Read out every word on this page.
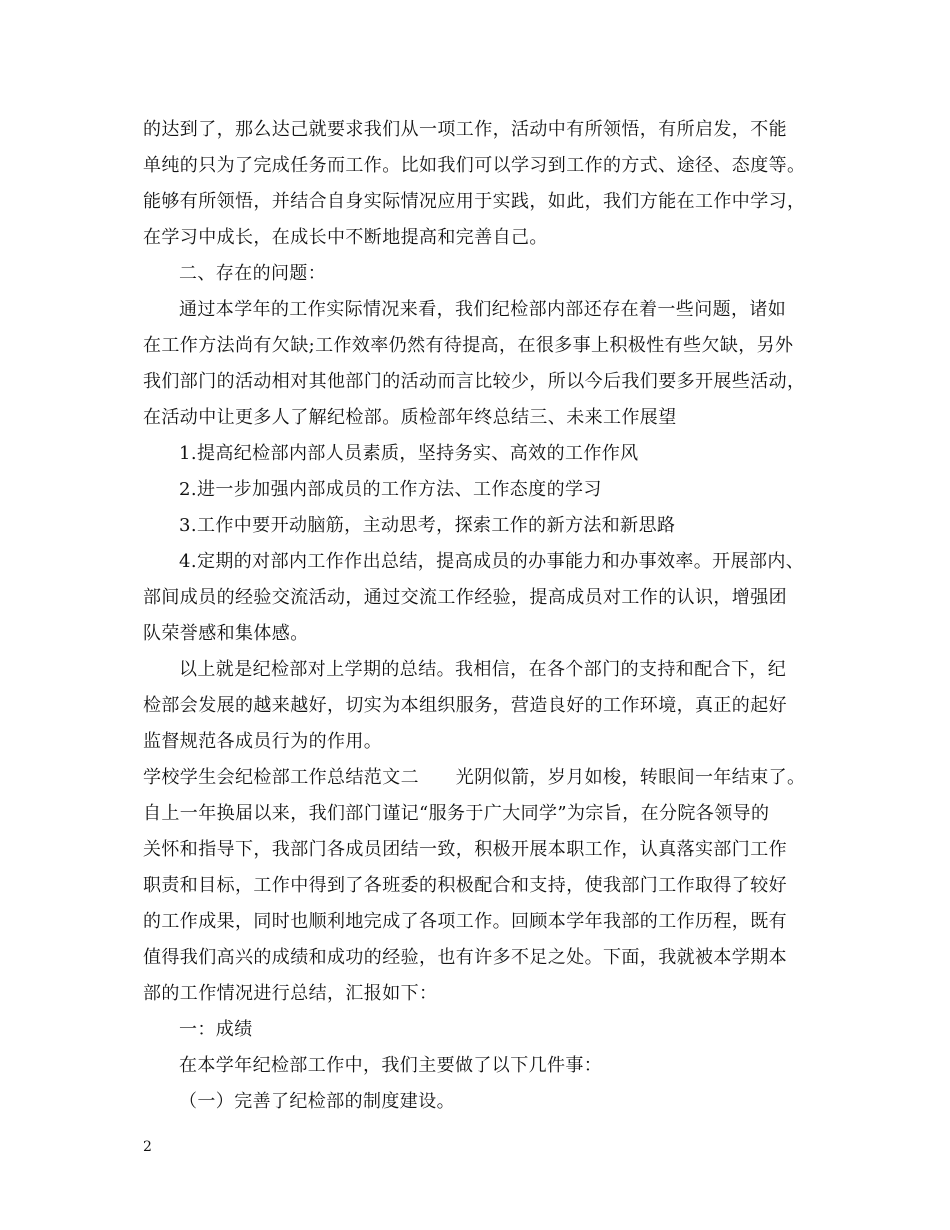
的达到了，那么达己就要求我们从一项工作，活动中有所领悟，有所启发，不能
单纯的只为了完成任务而工作。比如我们可以学习到工作的方式、途径、态度等。
能够有所领悟，并结合自身实际情况应用于实践，如此，我们方能在工作中学习，
在学习中成长，在成长中不断地提高和完善自己。
二、存在的问题：
通过本学年的工作实际情况来看，我们纪检部内部还存在着一些问题，诸如
在工作方法尚有欠缺;工作效率仍然有待提高，在很多事上积极性有些欠缺，另外
我们部门的活动相对其他部门的活动而言比较少，所以今后我们要多开展些活动，
在活动中让更多人了解纪检部。质检部年终总结三、未来工作展望
1.提高纪检部内部人员素质，坚持务实、高效的工作作风
2.进一步加强内部成员的工作方法、工作态度的学习
3.工作中要开动脑筋，主动思考，探索工作的新方法和新思路
4.定期的对部内工作作出总结，提高成员的办事能力和办事效率。开展部内、
部间成员的经验交流活动，通过交流工作经验，提高成员对工作的认识，增强团
队荣誉感和集体感。
以上就是纪检部对上学期的总结。我相信，在各个部门的支持和配合下，纪
检部会发展的越来越好，切实为本组织服务，营造良好的工作环境，真正的起好
监督规范各成员行为的作用。
学校学生会纪检部工作总结范文二　　光阴似箭，岁月如梭，转眼间一年结束了。
自上一年换届以来，我们部门谨记“服务于广大同学”为宗旨，在分院各领导的
关怀和指导下，我部门各成员团结一致，积极开展本职工作，认真落实部门工作
职责和目标，工作中得到了各班委的积极配合和支持，使我部门工作取得了较好
的工作成果，同时也顺利地完成了各项工作。回顾本学年我部的工作历程，既有
值得我们高兴的成绩和成功的经验，也有许多不足之处。下面，我就被本学期本
部的工作情况进行总结，汇报如下：
一：成绩
在本学年纪检部工作中，我们主要做了以下几件事：
（一）完善了纪检部的制度建设。
2
